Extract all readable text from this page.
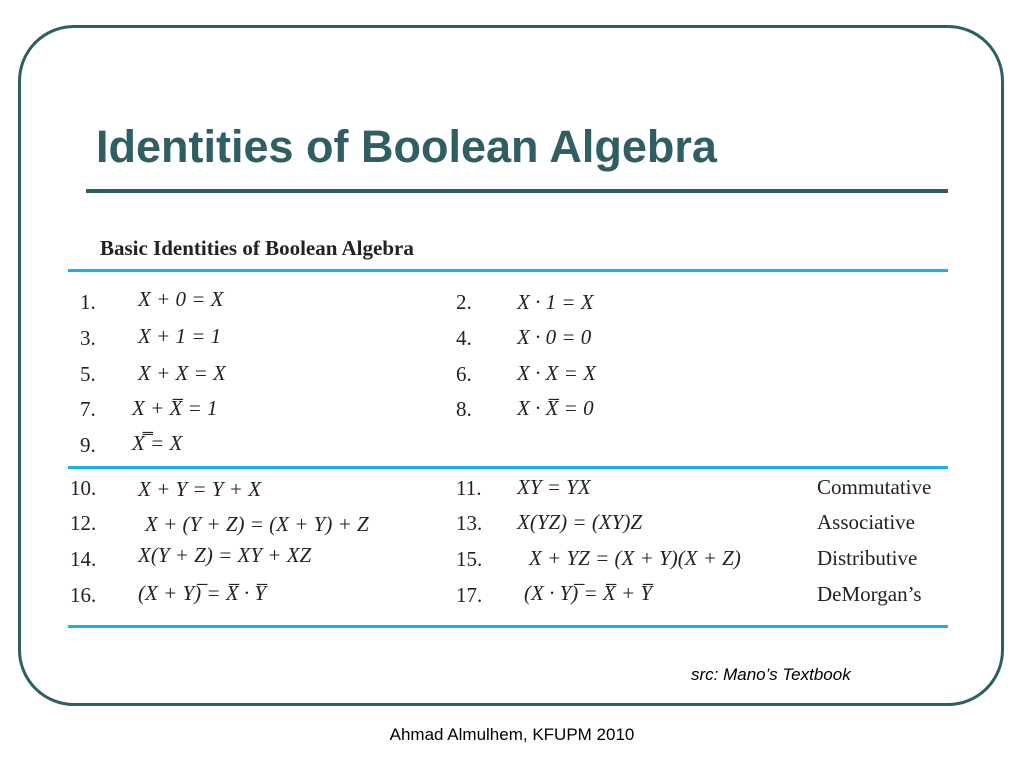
Identities of Boolean Algebra
Basic Identities of Boolean Algebra
1.	X + 0 = X	2.	X · 1 = X
3.	X + 1 = 1	4.	X · 0 = 0
5.	X + X = X	6.	X · X = X
7.	X + X̅ = 1	8.	X · X̅ = 0
9.	X̿ = X
10.	X + Y = Y + X	11.	XY = YX	Commutative
12.	X + (Y + Z) = (X + Y) + Z	13.	X(YZ) = (XY)Z	Associative
14.	X(Y + Z) = XY + XZ	15.	X + YZ = (X + Y)(X + Z)	Distributive
16.	(X + Y)̅ = X̅ · Y̅	17.	(X · Y)̅ = X̅ + Y̅	DeMorgan’s
src: Mano’s Textbook
Ahmad Almulhem, KFUPM 2010
